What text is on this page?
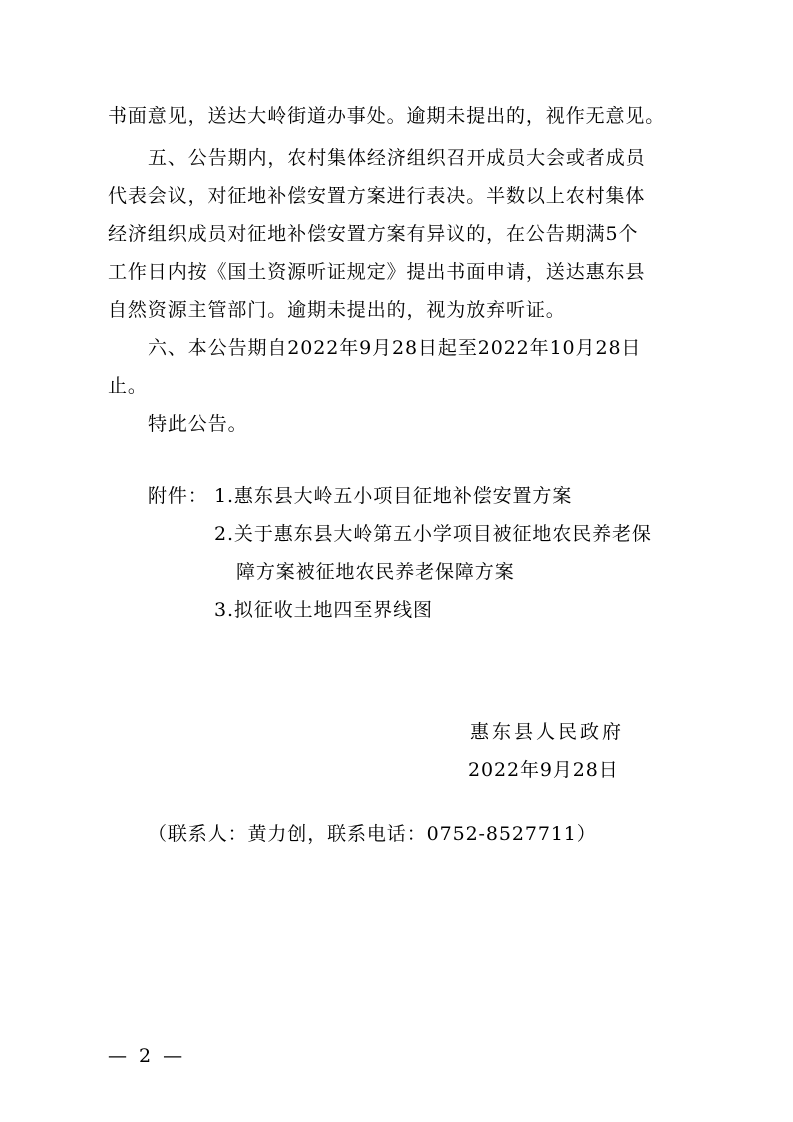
书面意见，送达大岭街道办事处。逾期未提出的，视作无意见。
五、公告期内，农村集体经济组织召开成员大会或者成员
代表会议，对征地补偿安置方案进行表决。半数以上农村集体
经济组织成员对征地补偿安置方案有异议的，在公告期满5个
工作日内按《国土资源听证规定》提出书面申请，送达惠东县
自然资源主管部门。逾期未提出的，视为放弃听证。
六、本公告期自2022年9月28日起至2022年10月28日
止。
特此公告。
附件： 1.惠东县大岭五小项目征地补偿安置方案
2.关于惠东县大岭第五小学项目被征地农民养老保
障方案被征地农民养老保障方案
3.拟征收土地四至界线图
惠东县人民政府
2022年9月28日
（联系人：黄力创，联系电话：0752-8527711）
— 2 —
